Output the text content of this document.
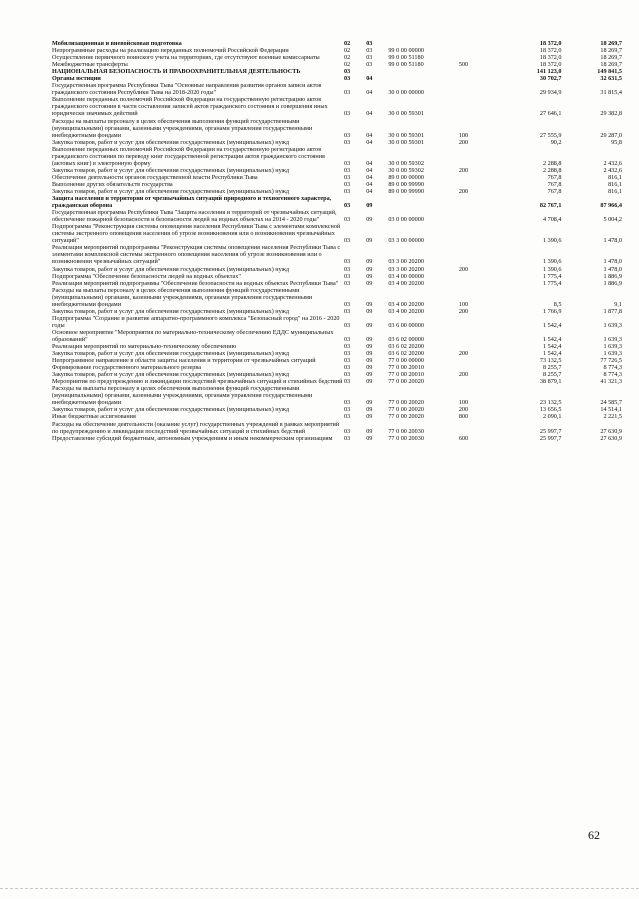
Мобилизационная и вневойсковая подготовка	02	03			18 372,0	18 269,7
Непрограммные расходы на реализацию переданных полномочий Российской Федерации	02	03	99 0 00 00000		18 372,0	18 269,7
Осуществление первичного воинского учета на территориях, где отсутствуют военные комиссариаты	02	03	99 0 00 51180		18 372,0	18 269,7
Межбюджетные трансферты	02	03	99 0 00 51180	500	18 372,0	18 269,7
НАЦИОНАЛЬНАЯ БЕЗОПАСНОСТЬ И ПРАВООХРАНИТЕЛЬНАЯ ДЕЯТЕЛЬНОСТЬ	03				141 123,0	149 841,5
Органы юстиции	03	04			30 702,7	32 631,5
Государственная программа Республики Тыва "Основные направления развития органов записи актов гражданского состояния Республики Тыва на 2018-2020 годы"	03	04	30 0 00 00000		29 934,9	31 815,4
Выполнение переданных полномочий Российской Федерации на государственную регистрацию актов гражданского состояния в части составления записей актов гражданского состояния и совершения иных юридически значимых действий	03	04	30 0 00 59301		27 646,1	29 382,8
Расходы на выплаты персоналу в целях обеспечения выполнения функций государственными (муниципальными) органами, казенными учреждениями, органами управления государственными внебюджетными фондами	03	04	30 0 00 59301	100	27 555,9	29 287,0
Закупка товаров, работ и услуг для обеспечения государственных (муниципальных) нужд	03	04	30 0 00 59301	200	90,2	95,8
Выполнение переданных полномочий Российской Федерации на государственную регистрацию актов гражданского состояния по переводу книг государственной регистрации актов гражданского состояния (актовых книг) в электронную форму	03	04	30 0 00 59302		2 288,8	2 432,6
Закупка товаров, работ и услуг для обеспечения государственных (муниципальных) нужд	03	04	30 0 00 59302	200	2 288,8	2 432,6
Обеспечение деятельности органов государственной власти Республики Тыва	03	04	89 0 00 00000		767,8	816,1
Выполнение других обязательств государства	03	04	89 0 00 99990		767,8	816,1
Закупка товаров, работ и услуг для обеспечения государственных (муниципальных) нужд	03	04	89 0 00 99990	200	767,8	816,1
Защита населения и территории от чрезвычайных ситуаций природного и техногенного характера, гражданская оборона	03	09			82 767,1	87 966,4
Государственная программа Республики Тыва "Защита населения и территорий от чрезвычайных ситуаций, обеспечение пожарной безопасности и безопасности людей на водных объектах на 2014 - 2020 годы"	03	09	03 0 00 00000		4 708,4	5 004,2
Подпрограмма "Реконструкция системы оповещения населения Республики Тыва с элементами комплексной системы экстренного оповещения населения об угрозе возникновения или о возникновении чрезвычайных ситуаций"	03	09	03 3 00 00000		1 390,6	1 478,0
Реализация мероприятий подпрограммы "Реконструкция системы оповещения населения Республики Тыва с элементами комплексной системы экстренного оповещения населения об угрозе возникновения или о возникновении чрезвычайных ситуаций"	03	09	03 3 00 20200		1 390,6	1 478,0
Закупка товаров, работ и услуг для обеспечения государственных (муниципальных) нужд	03	09	03 3 00 20200	200	1 390,6	1 478,0
Подпрограмма "Обеспечение безопасности людей на водных объектах"	03	09	03 4 00 00000		1 775,4	1 886,9
Реализация мероприятий подпрограммы "Обеспечение безопасности на водных объектах Республики Тыва"	03	09	03 4 00 20200		1 775,4	1 886,9
Расходы на выплаты персоналу в целях обеспечения выполнения функций государственными (муниципальными) органами, казенными учреждениями, органами управления государственными внебюджетными фондами	03	09	03 4 00 20200	100	8,5	9,1
Закупка товаров, работ и услуг для обеспечения государственных (муниципальных) нужд	03	09	03 4 00 20200	200	1 766,9	1 877,8
Подпрограмма "Создание и развитие аппаратно-программного комплекса "Безопасный город" на 2016 - 2020 годы	03	09	03 6 00 00000		1 542,4	1 639,3
Основное мероприятие "Мероприятия по материально-техническому обеспечению ЕДДС муниципальных образований"	03	09	03 6 02 00000		1 542,4	1 639,3
Реализация мероприятий по материально-техническому обеспечению	03	09	03 6 02 20200		1 542,4	1 639,3
Закупка товаров, работ и услуг для обеспечения государственных (муниципальных) нужд	03	09	03 6 02 20200	200	1 542,4	1 639,3
Непрограммное направление в области защиты населения и территории от чрезвычайных ситуаций	03	09	77 0 00 00000		73 132,5	77 726,5
Формирование государственного материального резерва	03	09	77 0 00 20010		8 255,7	8 774,3
Закупка товаров, работ и услуг для обеспечения государственных (муниципальных) нужд	03	09	77 0 00 20010	200	8 255,7	8 774,3
Мероприятия по предупреждению и ликвидации последствий чрезвычайных ситуаций и стихийных бедствий	03	09	77 0 00 20020		38 879,1	41 321,3
Расходы на выплаты персоналу в целях обеспечения выполнения функций государственными (муниципальными) органами, казенными учреждениями, органами управления государственными внебюджетными фондами	03	09	77 0 00 20020	100	23 132,5	24 585,7
Закупка товаров, работ и услуг для обеспечения государственных (муниципальных) нужд	03	09	77 0 00 20020	200	13 656,5	14 514,1
Иные бюджетные ассигнования	03	09	77 0 00 20020	800	2 090,1	2 221,5
Расходы на обеспечение деятельности (оказание услуг) государственных учреждений в рамках мероприятий по предупреждению и ликвидации последствий чрезвычайных ситуаций и стихийных бедствий	03	09	77 0 00 20030		25 997,7	27 630,9
Предоставление субсидий бюджетным, автономным учреждениям и иным некоммерческим организациям	03	09	77 0 00 20030	600	25 997,7	27 630,9
62
